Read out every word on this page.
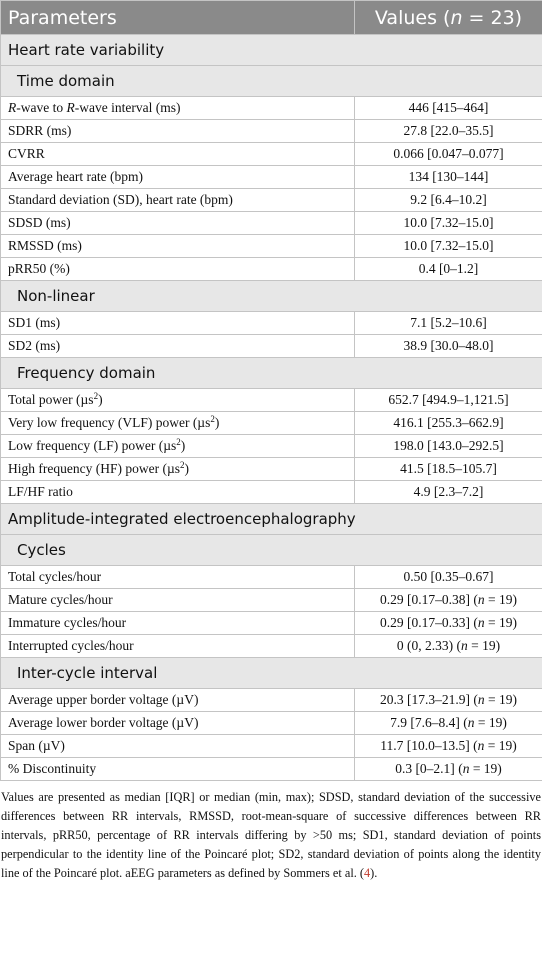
Parameters	Values (n = 23)
Heart rate variability	
Time domain	
R-wave to R-wave interval (ms)	446 [415–464]
SDRR (ms)	27.8 [22.0–35.5]
CVRR	0.066 [0.047–0.077]
Average heart rate (bpm)	134 [130–144]
Standard deviation (SD), heart rate (bpm)	9.2 [6.4–10.2]
SDSD (ms)	10.0 [7.32–15.0]
RMSSD (ms)	10.0 [7.32–15.0]
pRR50 (%)	0.4 [0–1.2]
Non-linear	
SD1 (ms)	7.1 [5.2–10.6]
SD2 (ms)	38.9 [30.0–48.0]
Frequency domain	
Total power (µs$^2$)	652.7 [494.9–1,121.5]
Very low frequency (VLF) power (µs$^2$)	416.1 [255.3–662.9]
Low frequency (LF) power (µs$^2$)	198.0 [143.0–292.5]
High frequency (HF) power (µs$^2$)	41.5 [18.5–105.7]
LF/HF ratio	4.9 [2.3–7.2]
Amplitude-integrated electroencephalography	
Cycles	
Total cycles/hour	0.50 [0.35–0.67]
Mature cycles/hour	0.29 [0.17–0.38] (n = 19)
Immature cycles/hour	0.29 [0.17–0.33] (n = 19)
Interrupted cycles/hour	0 (0, 2.33) (n = 19)
Inter-cycle interval	
Average upper border voltage (µV)	20.3 [17.3–21.9] (n = 19)
Average lower border voltage (µV)	7.9 [7.6–8.4] (n = 19)
Span (µV)	11.7 [10.0–13.5] (n = 19)
% Discontinuity	0.3 [0–2.1] (n = 19)
Values are presented as median [IQR] or median (min, max); SDSD, standard deviation of the successive differences between RR intervals, RMSSD, root-mean-square of successive differences between RR intervals, pRR50, percentage of RR intervals differing by >50 ms; SD1, standard deviation of points perpendicular to the identity line of the Poincaré plot; SD2, standard deviation of points along the identity line of the Poincaré plot. aEEG parameters as defined by Sommers et al. (4).
